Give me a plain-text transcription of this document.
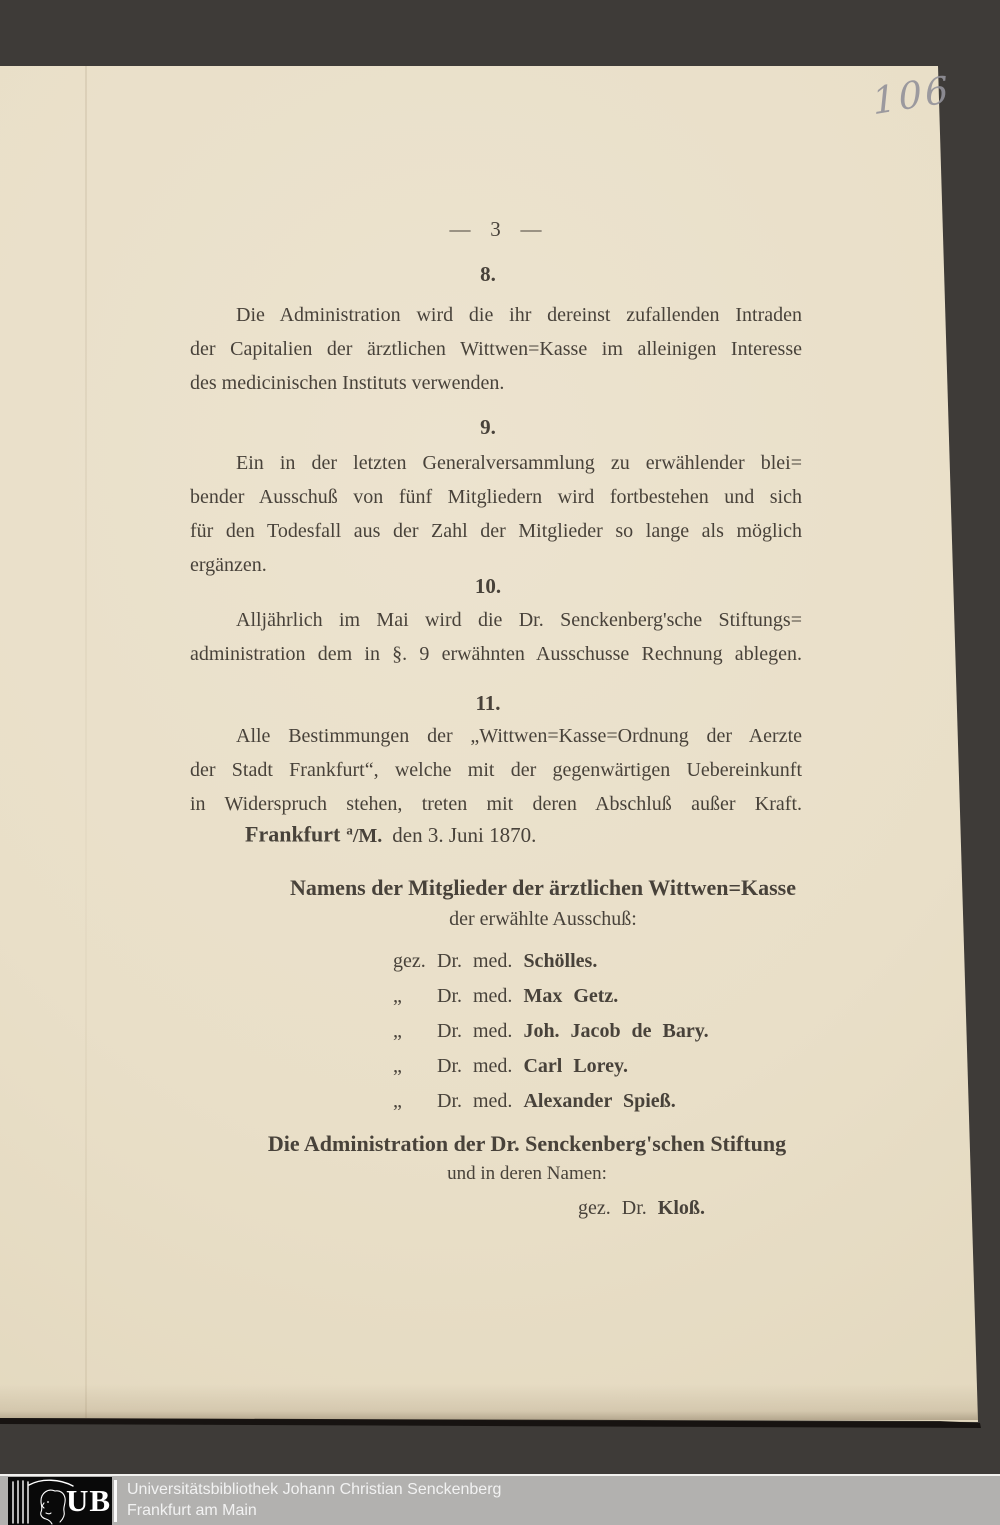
106
—   3   —
8.
Die Administration wird die ihr dereinst zufallenden Intraden
der Capitalien der ärztlichen Wittwen=Kasse im alleinigen Interesse
des medicinischen Instituts verwenden.
9.
Ein in der letzten Generalversammlung zu erwählender blei=
bender Ausschuß von fünf Mitgliedern wird fortbestehen und sich
für den Todesfall aus der Zahl der Mitglieder so lange als möglich
ergänzen.
10.
Alljährlich im Mai wird die Dr. Senckenberg'sche Stiftungs=
administration dem in §. 9 erwähnten Ausschusse Rechnung ablegen.
11.
Alle Bestimmungen der „Wittwen=Kasse=Ordnung der Aerzte
der Stadt Frankfurt“, welche mit der gegenwärtigen Uebereinkunft
in Widerspruch stehen, treten mit deren Abschluß außer Kraft.
Frankfurt $^a$/M. den 3. Juni 1870.
Namens der Mitglieder der ärztlichen Wittwen=Kasse
der erwählte Ausschuß:
gez. Dr. med. Schölles.
„ Dr. med. Max Getz.
„ Dr. med. Joh. Jacob de Bary.
„ Dr. med. Carl Lorey.
„ Dr. med. Alexander Spieß.
Die Administration der Dr. Senckenberg'schen Stiftung
und in deren Namen:
gez. Dr. Kloß.
UB Universitätsbibliothek Johann Christian Senckenberg
Frankfurt am Main
